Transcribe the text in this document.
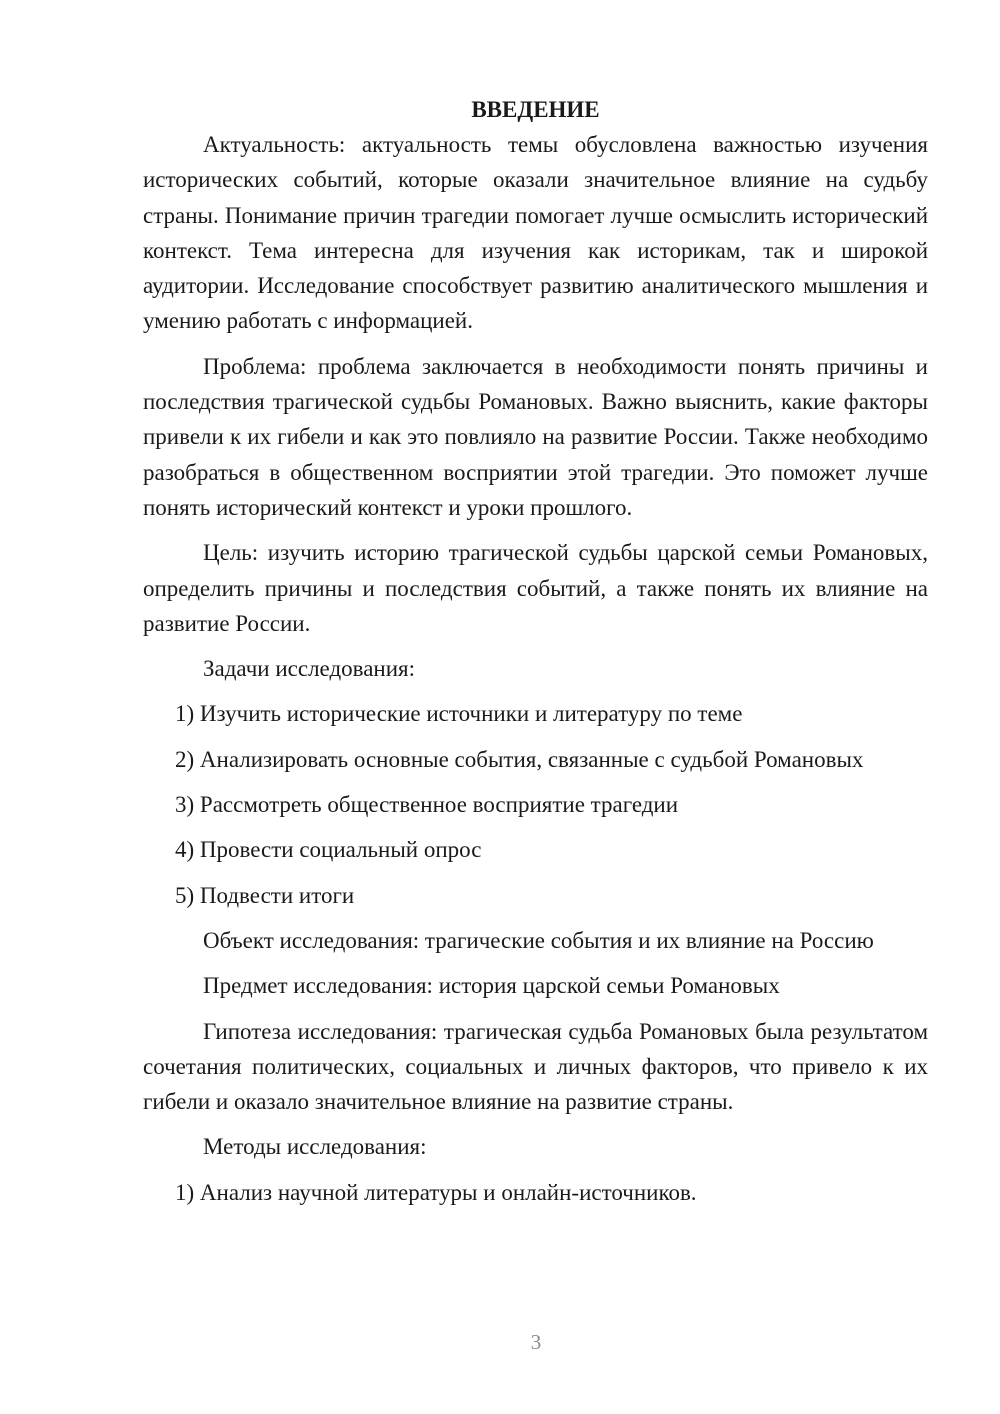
ВВЕДЕНИЕ

Актуальность: актуальность темы обусловлена важностью изучения исторических событий, которые оказали значительное влияние на судьбу страны. Понимание причин трагедии помогает лучше осмыслить исторический контекст. Тема интересна для изучения как историкам, так и широкой аудитории. Исследование способствует развитию аналитического мышления и умению работать с информацией.

Проблема: проблема заключается в необходимости понять причины и последствия трагической судьбы Романовых. Важно выяснить, какие факторы привели к их гибели и как это повлияло на развитие России. Также необходимо разобраться в общественном восприятии этой трагедии. Это поможет лучше понять исторический контекст и уроки прошлого.

Цель: изучить историю трагической судьбы царской семьи Романовых, определить причины и последствия событий, а также понять их влияние на развитие России.

Задачи исследования:

1) Изучить исторические источники и литературу по теме

2) Анализировать основные события, связанные с судьбой Романовых

3) Рассмотреть общественное восприятие трагедии

4) Провести социальный опрос

5) Подвести итоги

Объект исследования: трагические события и их влияние на Россию

Предмет исследования: история царской семьи Романовых

Гипотеза исследования: трагическая судьба Романовых была результатом сочетания политических, социальных и личных факторов, что привело к их гибели и оказало значительное влияние на развитие страны.

Методы исследования:

1) Анализ научной литературы и онлайн-источников.

3
